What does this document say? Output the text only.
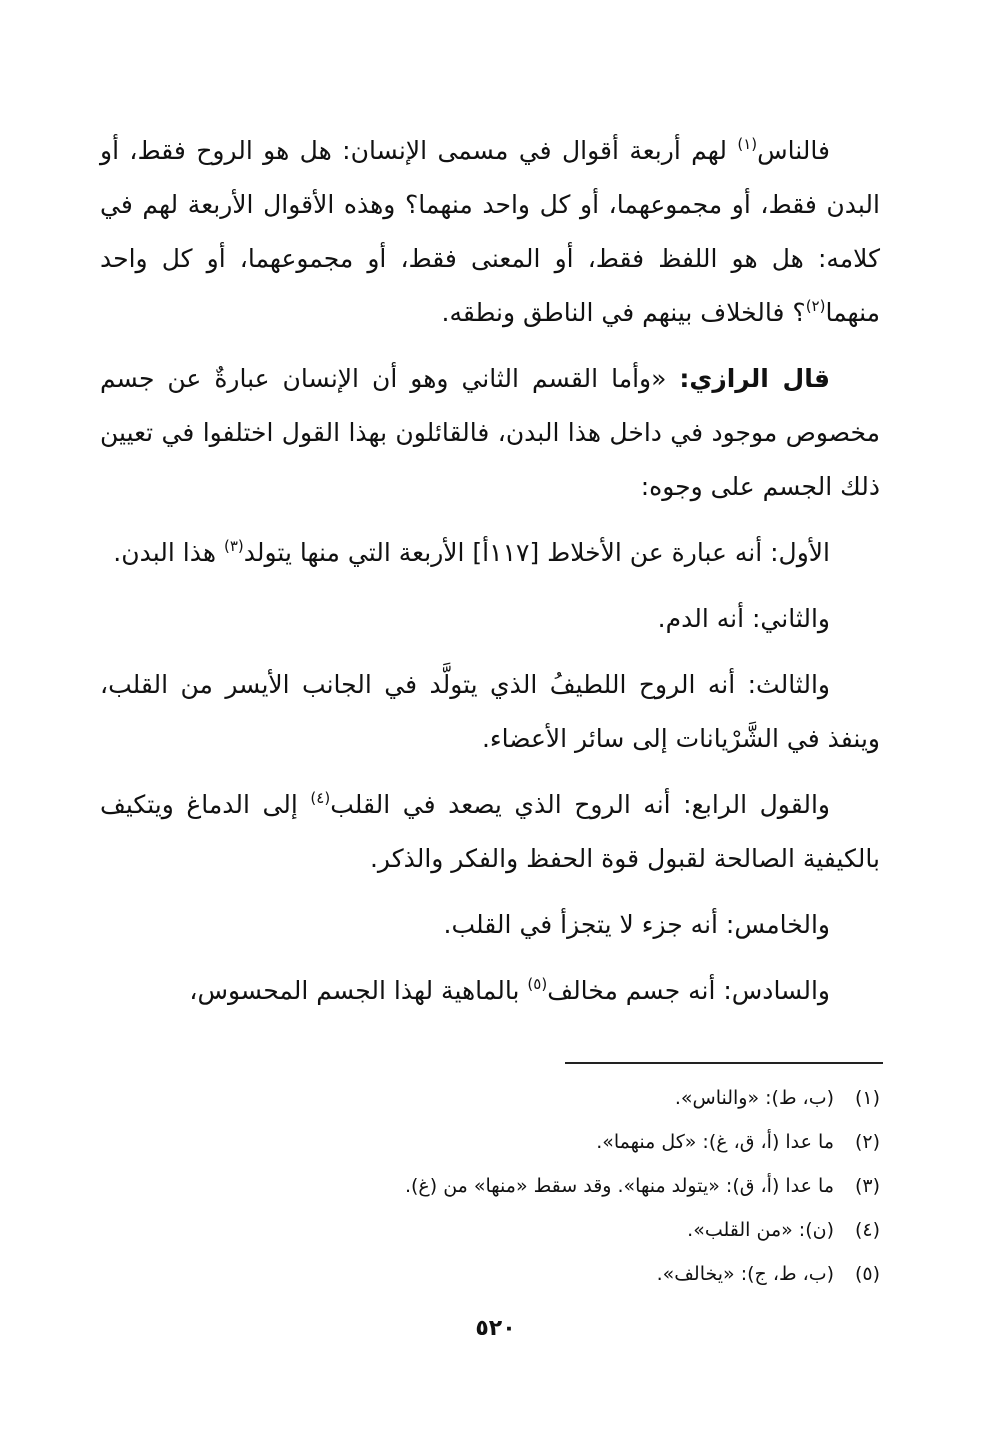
فالناس$^{(١)}$ لهم أربعة أقوال في مسمى الإنسان: هل هو الروح فقط، أو البدن فقط، أو مجموعهما، أو كل واحد منهما؟ وهذه الأقوال الأربعة لهم في كلامه: هل هو اللفظ فقط، أو المعنى فقط، أو مجموعهما، أو كل واحد منهما$^{(٢)}$؟ فالخلاف بينهم في الناطق ونطقه.

قال الرازي: «وأما القسم الثاني وهو أن الإنسان عبارةٌ عن جسم مخصوص موجود في داخل هذا البدن، فالقائلون بهذا القول اختلفوا في تعيين ذلك الجسم على وجوه:

الأول: أنه عبارة عن الأخلاط [١١٧أ] الأربعة التي منها يتولد$^{(٣)}$ هذا البدن.

والثاني: أنه الدم.

والثالث: أنه الروح اللطيفُ الذي يتولَّد في الجانب الأيسر من القلب، وينفذ في الشَّرْيانات إلى سائر الأعضاء.

والقول الرابع: أنه الروح الذي يصعد في القلب$^{(٤)}$ إلى الدماغ ويتكيف بالكيفية الصالحة لقبول قوة الحفظ والفكر والذكر.

والخامس: أنه جزء لا يتجزأ في القلب.

والسادس: أنه جسم مخالف$^{(٥)}$ بالماهية لهذا الجسم المحسوس،

(١)(ب، ط): «والناس».
(٢)ما عدا (أ، ق، غ): «كل منهما».
(٣)ما عدا (أ، ق): «يتولد منها». وقد سقط «منها» من (غ).
(٤)(ن): «من القلب».
(٥)(ب، ط، ج): «يخالف».
٥٢٠
